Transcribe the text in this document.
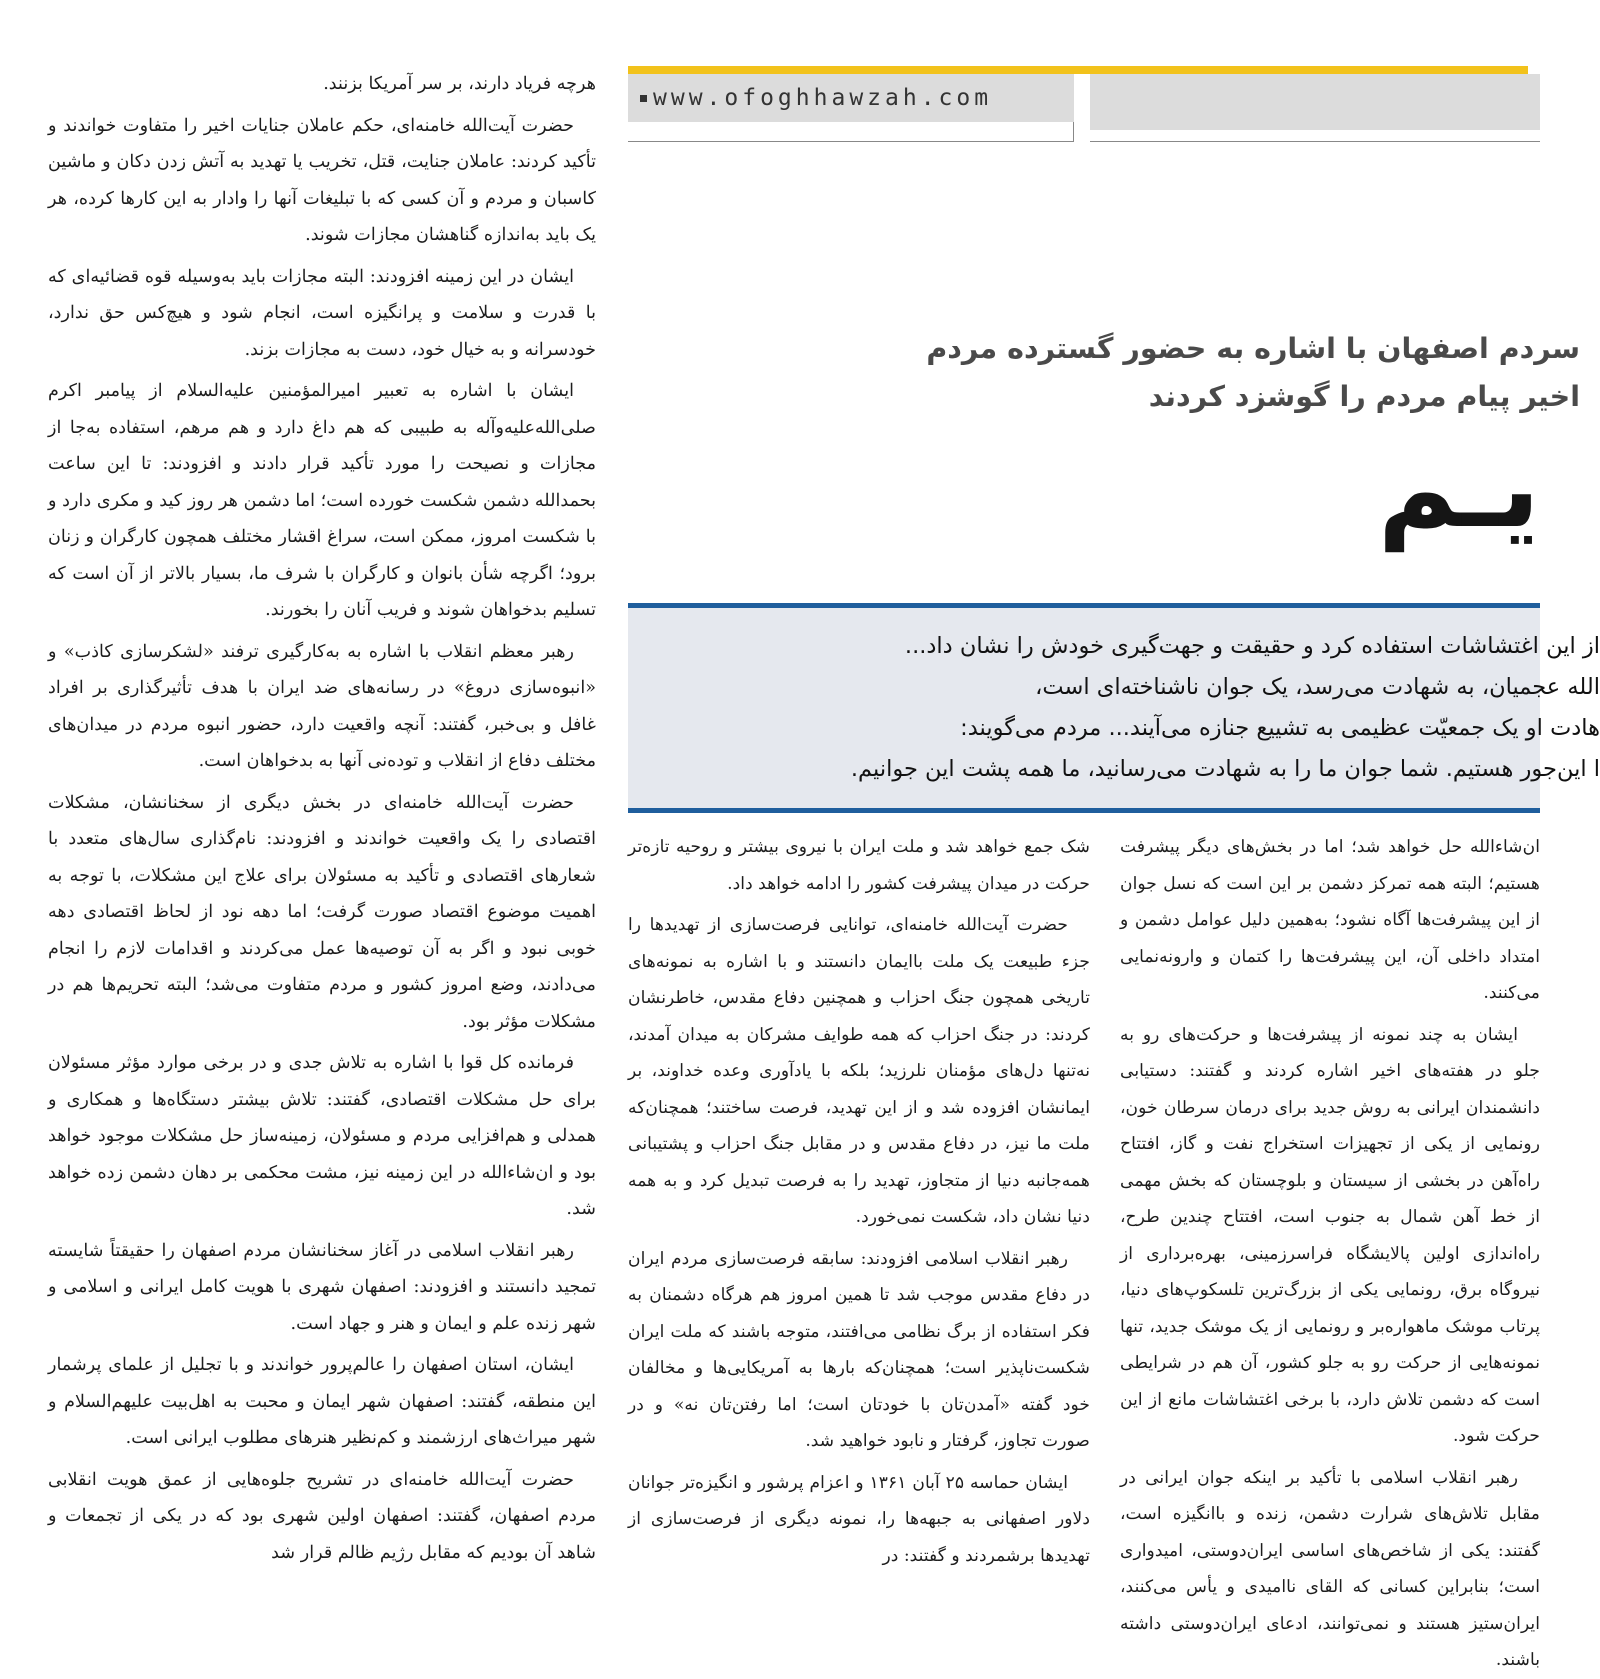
هرچه فریاد دارند، بر سر آمریکا بزنند.

حضرت آیت‌الله خامنه‌ای، حکم عاملان جنایات اخیر را متفاوت خواندند و تأکید کردند: عاملان جنایت، قتل، تخریب یا تهدید به آتش زدن دکان و ماشین کاسبان و مردم و آن کسی که با تبلیغات آنها را وادار به این کارها کرده، هر یک باید به‌اندازه گناهشان مجازات شوند.

ایشان در این زمینه افزودند: البته مجازات باید به‌وسیله قوه قضائیه‌ای که با قدرت و سلامت و پرانگیزه است، انجام شود و هیچ‌کس حق ندارد، خودسرانه و به خیال خود، دست به مجازات بزند.

ایشان با اشاره به تعبیر امیرالمؤمنین علیه‌السلام از پیامبر اکرم صلی‌الله‌علیه‌وآله به طبیبی که هم داغ دارد و هم مرهم، استفاده به‌جا از مجازات و نصیحت را مورد تأکید قرار دادند و افزودند: تا این ساعت بحمدالله دشمن شکست خورده است؛ اما دشمن هر روز کید و مکری دارد و با شکست امروز، ممکن است، سراغ اقشار مختلف همچون کارگران و زنان برود؛ اگرچه شأن بانوان و کارگران با شرف ما، بسیار بالاتر از آن است که تسلیم بدخواهان شوند و فریب آنان را بخورند.

رهبر معظم انقلاب با اشاره به به‌کارگیری ترفند «لشکرسازی کاذب» و «انبوه‌سازی دروغ» در رسانه‌های ضد ایران با هدف تأثیرگذاری بر افراد غافل و بی‌خبر، گفتند: آنچه واقعیت دارد، حضور انبوه مردم در میدان‌های مختلف دفاع از انقلاب و توده‌نی آنها به بدخواهان است.

حضرت آیت‌الله خامنه‌ای در بخش دیگری از سخنانشان، مشکلات اقتصادی را یک واقعیت خواندند و افزودند: نام‌گذاری سال‌های متعدد با شعارهای اقتصادی و تأکید به مسئولان برای علاج این مشکلات، با توجه به اهمیت موضوع اقتصاد صورت گرفت؛ اما دهه نود از لحاظ اقتصادی دهه خوبی نبود و اگر به آن توصیه‌ها عمل می‌کردند و اقدامات لازم را انجام می‌دادند، وضع امروز کشور و مردم متفاوت می‌شد؛ البته تحریم‌ها هم در مشکلات مؤثر بود.

فرمانده کل قوا با اشاره به تلاش جدی و در برخی موارد مؤثر مسئولان برای حل مشکلات اقتصادی، گفتند: تلاش بیشتر دستگاه‌ها و همکاری و همدلی و هم‌افزایی مردم و مسئولان، زمینه‌ساز حل مشکلات موجود خواهد بود و ان‌شاءالله در این زمینه نیز، مشت محکمی بر دهان دشمن زده خواهد شد.

رهبر انقلاب اسلامی در آغاز سخنانشان مردم اصفهان را حقیقتاً شایسته تمجید دانستند و افزودند: اصفهان شهری با هویت کامل ایرانی و اسلامی و شهر زنده علم و ایمان و هنر و جهاد است.

ایشان، استان اصفهان را عالم‌پرور خواندند و با تجلیل از علمای پرشمار این منطقه، گفتند: اصفهان شهر ایمان و محبت به اهل‌بیت علیهم‌السلام و شهر میراث‌های ارزشمند و کم‌نظیر هنرهای مطلوب ایرانی است.

حضرت آیت‌الله خامنه‌ای در تشریح جلوه‌هایی از عمق هویت انقلابی مردم اصفهان، گفتند: اصفهان اولین شهری بود که در یکی از تجمعات و شاهد آن بودیم که مقابل رژیم ظالم قرار شد

www.ofoghhawzah.com
سردم اصفهان با اشاره به حضور گسترده مردم
اخیر پیام مردم را گوشزد کردند
یـم
از این اغتشاشات استفاده کرد و حقیقت و جهت‌گیری خودش را نشان داد...
الله عجمیان، به شهادت می‌رسد، یک جوان ناشناخته‌ای است،
هادت او یک جمعیّت عظیمی به تشییع جنازه می‌آیند... مردم می‌گویند:
ا این‌جور هستیم. شما جوان ما را به شهادت می‌رسانید، ما همه پشت این جوانیم.

شک جمع خواهد شد و ملت ایران با نیروی بیشتر و روحیه تازه‌تر حرکت در میدان پیشرفت کشور را ادامه خواهد داد.

حضرت آیت‌الله خامنه‌ای، توانایی فرصت‌سازی از تهدیدها را جزء طبیعت یک ملت باایمان دانستند و با اشاره به نمونه‌های تاریخی همچون جنگ احزاب و همچنین دفاع مقدس، خاطرنشان کردند: در جنگ احزاب که همه طوایف مشرکان به میدان آمدند، نه‌تنها دل‌های مؤمنان نلرزید؛ بلکه با یادآوری وعده خداوند، بر ایمانشان افزوده شد و از این تهدید، فرصت ساختند؛ همچنان‌که ملت ما نیز، در دفاع مقدس و در مقابل جنگ احزاب و پشتیبانی همه‌جانبه دنیا از متجاوز، تهدید را به فرصت تبدیل کرد و به همه دنیا نشان داد، شکست نمی‌خورد.

رهبر انقلاب اسلامی افزودند: سابقه فرصت‌سازی مردم ایران در دفاع مقدس موجب شد تا همین امروز هم هرگاه دشمنان به فکر استفاده از برگ نظامی می‌افتند، متوجه باشند که ملت ایران شکست‌ناپذیر است؛ همچنان‌که بارها به آمریکایی‌ها و مخالفان خود گفته «آمدن‌تان با خودتان است؛ اما رفتن‌تان نه» و در صورت تجاوز، گرفتار و نابود خواهید شد.

ایشان حماسه ۲۵ آبان ۱۳۶۱ و اعزام پرشور و انگیزه‌تر جوانان دلاور اصفهانی به جبهه‌ها را، نمونه دیگری از فرصت‌سازی از تهدیدها برشمردند و گفتند: در

ان‌شاءالله حل خواهد شد؛ اما در بخش‌های دیگر پیشرفت هستیم؛ البته همه تمرکز دشمن بر این است که نسل جوان از این پیشرفت‌ها آگاه نشود؛ به‌همین دلیل عوامل دشمن و امتداد داخلی آن، این پیشرفت‌ها را کتمان و وارونه‌نمایی می‌کنند.

ایشان به چند نمونه از پیشرفت‌ها و حرکت‌های رو به جلو در هفته‌های اخیر اشاره کردند و گفتند: دستیابی دانشمندان ایرانی به روش جدید برای درمان سرطان خون، رونمایی از یکی از تجهیزات استخراج نفت و گاز، افتتاح راه‌آهن در بخشی از سیستان و بلوچستان که بخش مهمی از خط آهن شمال به جنوب است، افتتاح چندین طرح، راه‌اندازی اولین پالایشگاه فراسرزمینی، بهره‌برداری از نیروگاه برق، رونمایی یکی از بزرگ‌ترین تلسکوپ‌های دنیا، پرتاب موشک ماهواره‌بر و رونمایی از یک موشک جدید، تنها نمونه‌هایی از حرکت رو به جلو کشور، آن هم در شرایطی است که دشمن تلاش دارد، با برخی اغتشاشات مانع از این حرکت شود.

رهبر انقلاب اسلامی با تأکید بر اینکه جوان ایرانی در مقابل تلاش‌های شرارت دشمن، زنده و باانگیزه است، گفتند: یکی از شاخص‌های اساسی ایران‌دوستی، امیدواری است؛ بنابراین کسانی که القای ناامیدی و یأس می‌کنند، ایران‌ستیز هستند و نمی‌توانند، ادعای ایران‌دوستی داشته باشند.
